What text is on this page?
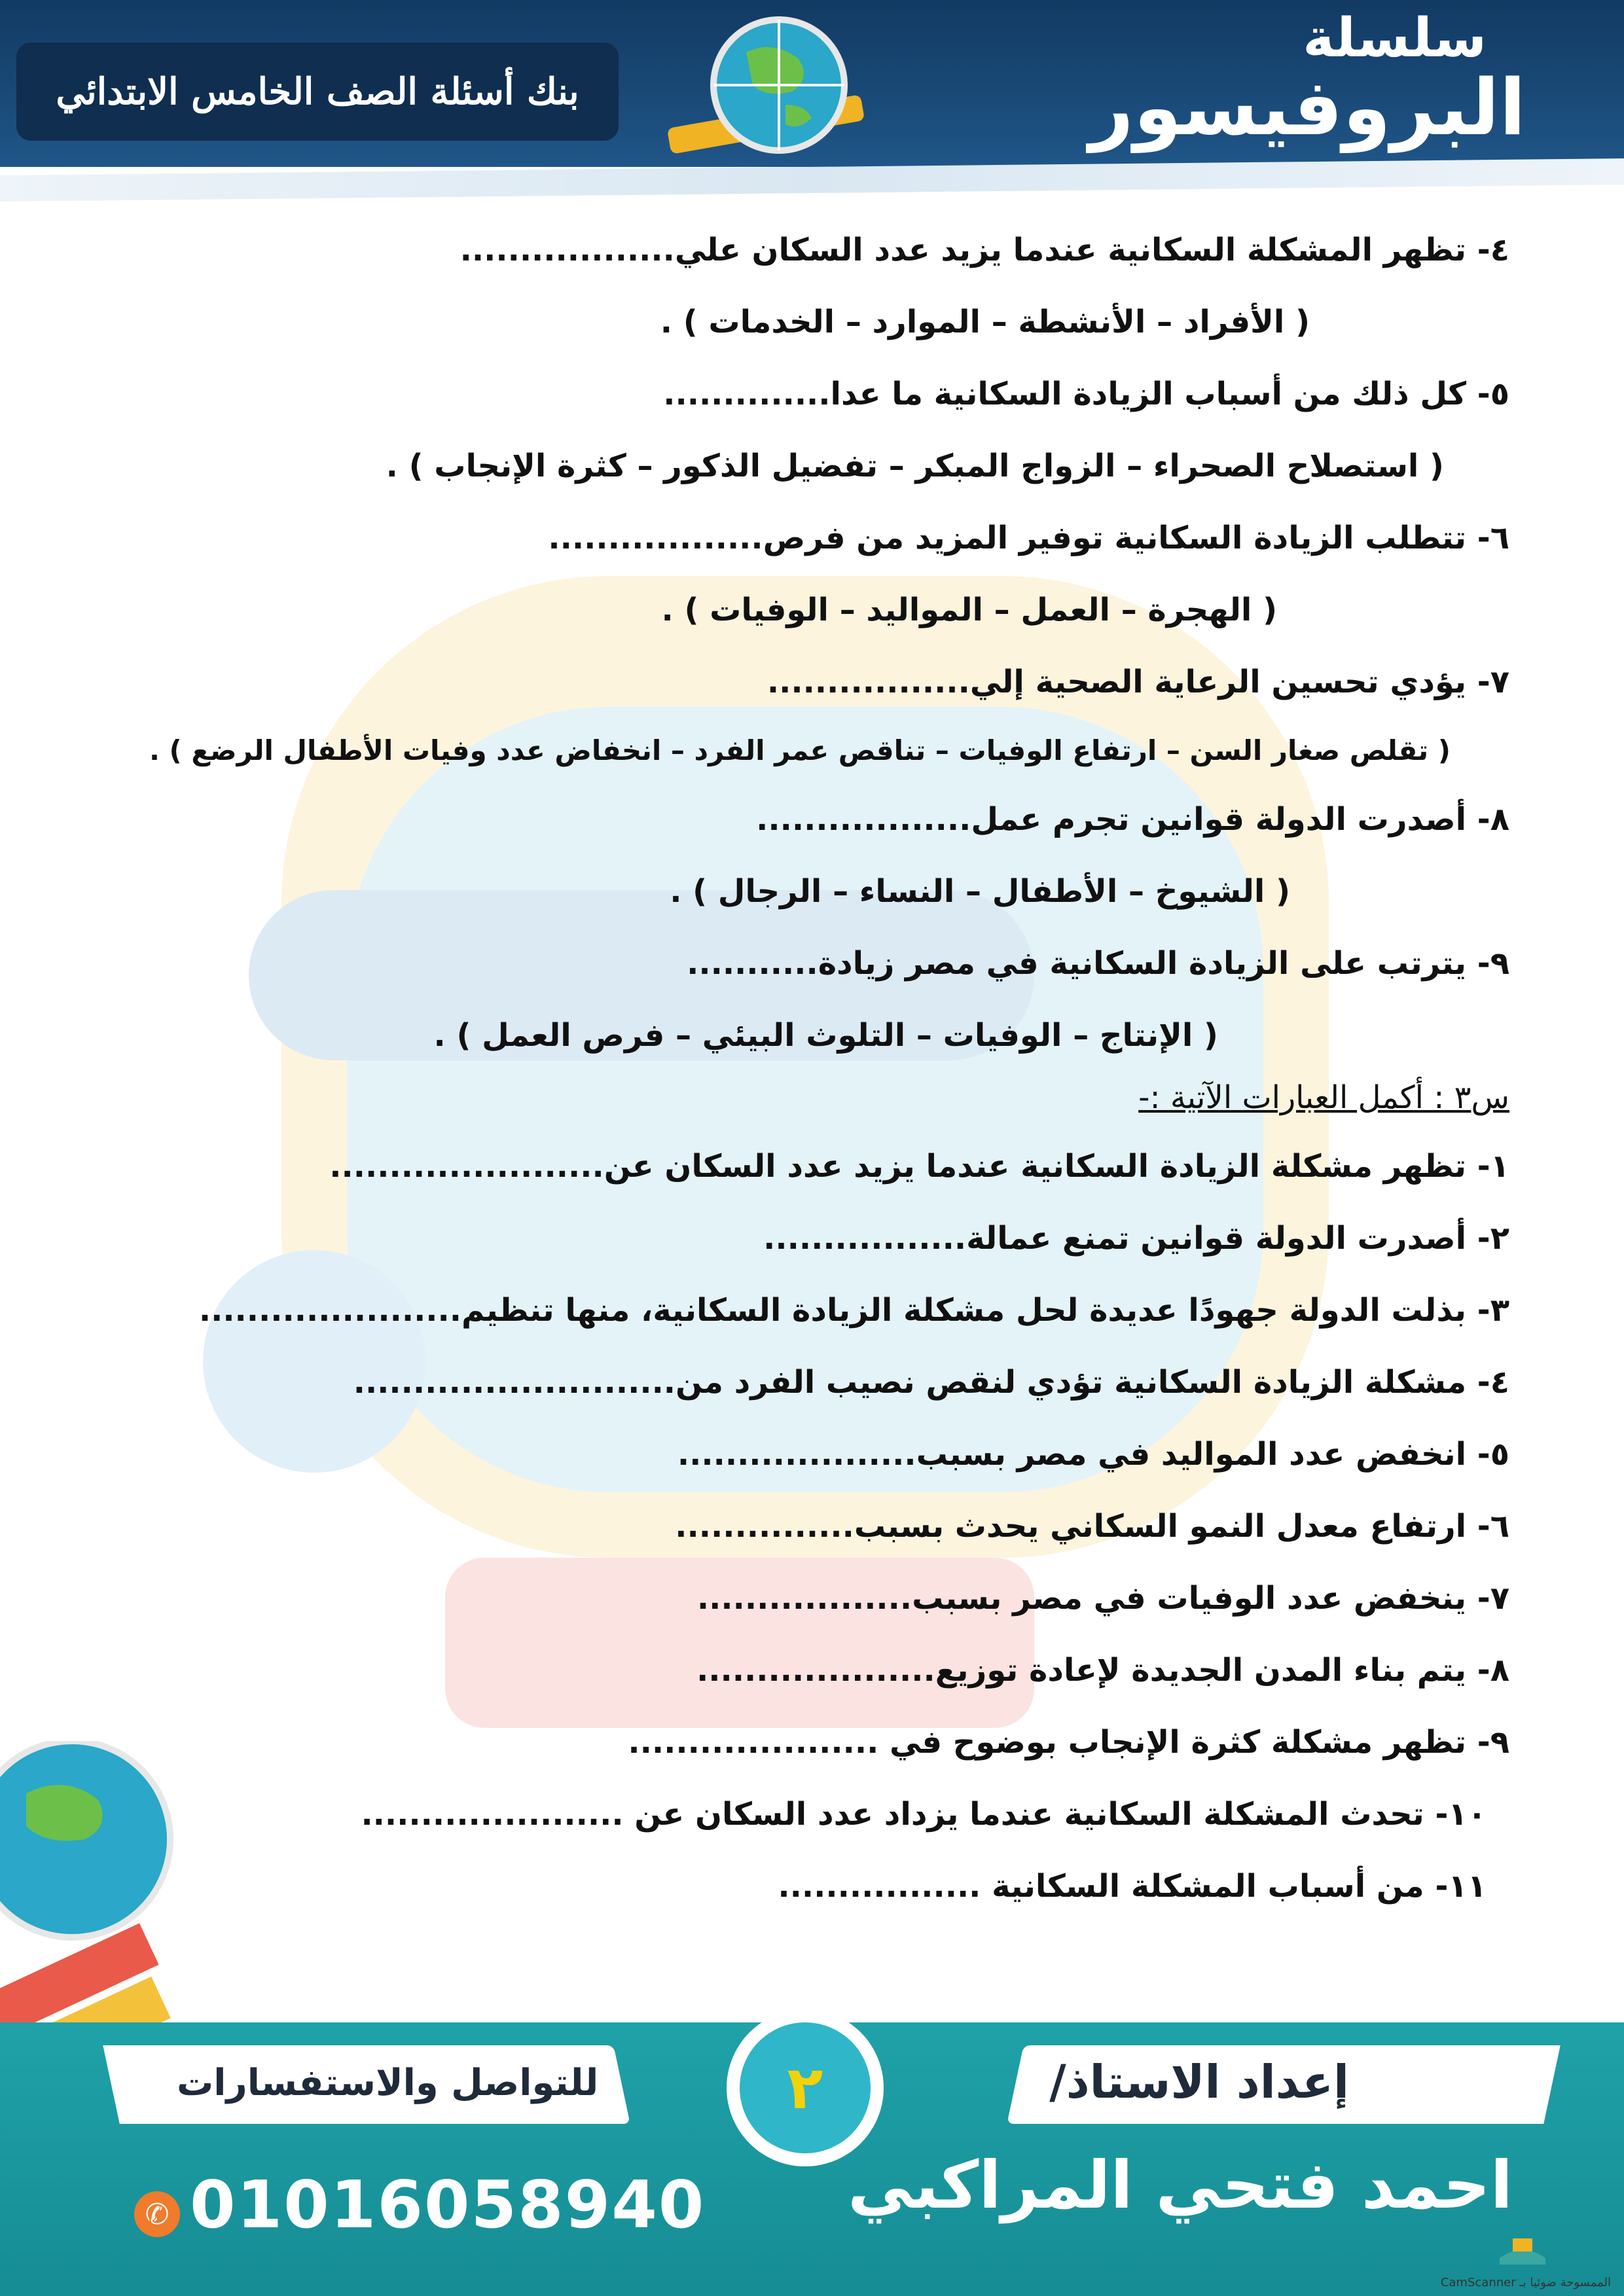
بنك أسئلة الصف الخامس الابتدائي
سلسلة
البروفيسور
٤- تظهر المشكلة السكانية عندما يزيد عدد السكان علي..................
( الأفراد – الأنشطة – الموارد – الخدمات ) .
٥- كل ذلك من أسباب الزيادة السكانية ما عدا..............
( استصلاح الصحراء – الزواج المبكر – تفضيل الذكور – كثرة الإنجاب ) .
٦- تتطلب الزيادة السكانية توفير المزيد من فرص..................
( الهجرة – العمل – المواليد – الوفيات ) .
٧- يؤدي تحسين الرعاية الصحية إلي.................
( تقلص صغار السن – ارتفاع الوفيات – تناقص عمر الفرد – انخفاض عدد وفيات الأطفال الرضع ) .
٨- أصدرت الدولة قوانين تجرم عمل..................
( الشيوخ – الأطفال – النساء – الرجال ) .
٩- يترتب على الزيادة السكانية في مصر زيادة...........
( الإنتاج – الوفيات – التلوث البيئي – فرص العمل ) .
س٣ : أكمل العبارات الآتية :-
١- تظهر مشكلة الزيادة السكانية عندما يزيد عدد السكان عن.......................
٢- أصدرت الدولة قوانين تمنع عمالة.................
٣- بذلت الدولة جهودًا عديدة لحل مشكلة الزيادة السكانية، منها تنظيم......................
٤- مشكلة الزيادة السكانية تؤدي لنقص نصيب الفرد من...........................
٥- انخفض عدد المواليد في مصر بسبب....................
٦- ارتفاع معدل النمو السكاني يحدث بسبب...............
٧- ينخفض عدد الوفيات في مصر بسبب..................
٨- يتم بناء المدن الجديدة لإعادة توزيع....................
٩- تظهر مشكلة كثرة الإنجاب بوضوح في .....................
١٠- تحدث المشكلة السكانية عندما يزداد عدد السكان عن ......................
١١- من أسباب المشكلة السكانية .................
إعداد الاستاذ/
للتواصل والاستفسارات
احمد فتحي المراكبي
✆ 01016058940
٢
الممسوحة ضوئيا بـ CamScanner
